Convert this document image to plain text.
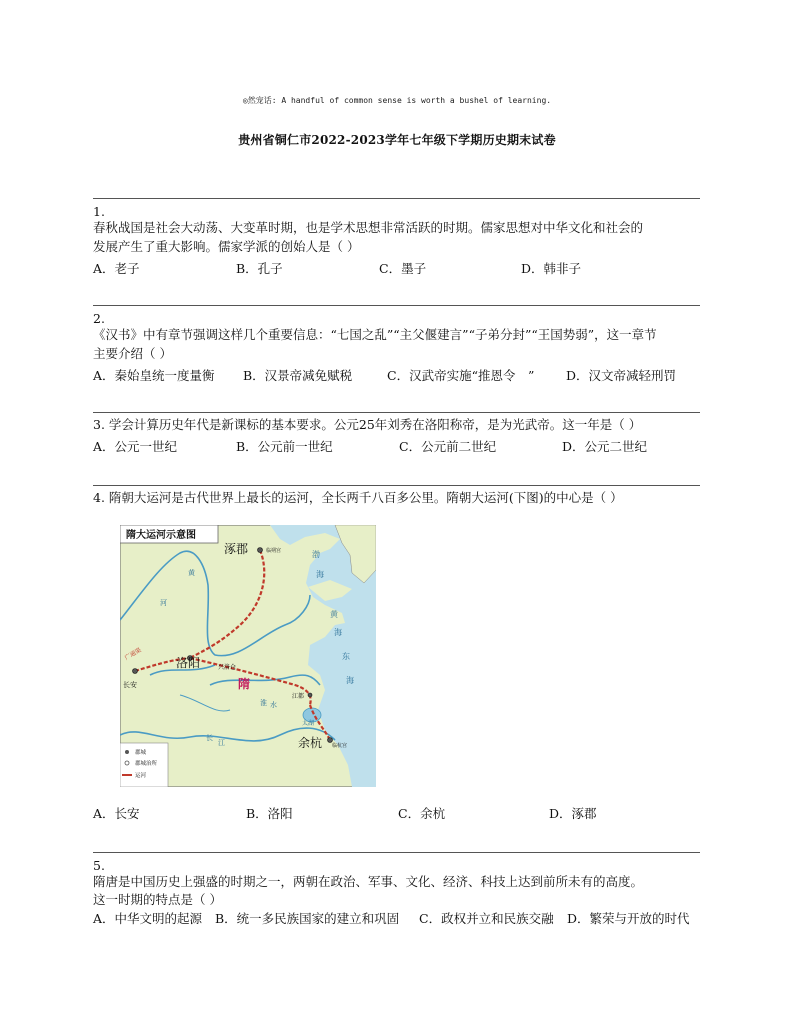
◎然宠话: A handful of common sense is worth a bushel of learning.
贵州省铜仁市2022-2023学年七年级下学期历史期末试卷
1.
春秋战国是社会大动荡、大变革时期，也是学术思想非常活跃的时期。儒家思想对中华文化和社会的
发展产生了重大影响。儒家学派的创始人是（ ）
A．老子	B．孔子	C．墨子	D．韩非子
2.
《汉书》中有章节强调这样几个重要信息：“七国之乱”“主父偃建言”“子弟分封”“王国势弱”，这一章节
主要介绍（ ）
A．秦始皇统一度量衡 B．汉景帝减免赋税	C．汉武帝实施“推恩令　”	D．汉文帝减轻刑罚
3. 学会计算历史年代是新课标的基本要求。公元25年刘秀在洛阳称帝，是为光武帝。这一年是（ ）
A．公元一世纪	B．公元前一世纪	C．公元前二世纪	D．公元二世纪
4. 隋朝大运河是古代世界上最长的运河，全长两千八百多公里。隋朝大运河(下图)的中心是（ ）
隋大运河示意图
涿郡	临朔宫
洛阳	兴洛仓
长安
江都
余杭 临杭宫
广通渠
隋
渤
海
黄
海
东
海
黄
河
长
江
淮 水
太湖
郡城
郡城治所
运河
A．长安	B．洛阳	C．余杭	D．涿郡
5.
隋唐是中国历史上强盛的时期之一，两朝在政治、军事、文化、经济、科技上达到前所未有的高度。
这一时期的特点是（ ）
A．中华文明的起源 B．统一多民族国家的建立和巩固 C．政权并立和民族交融 D．繁荣与开放的时代
